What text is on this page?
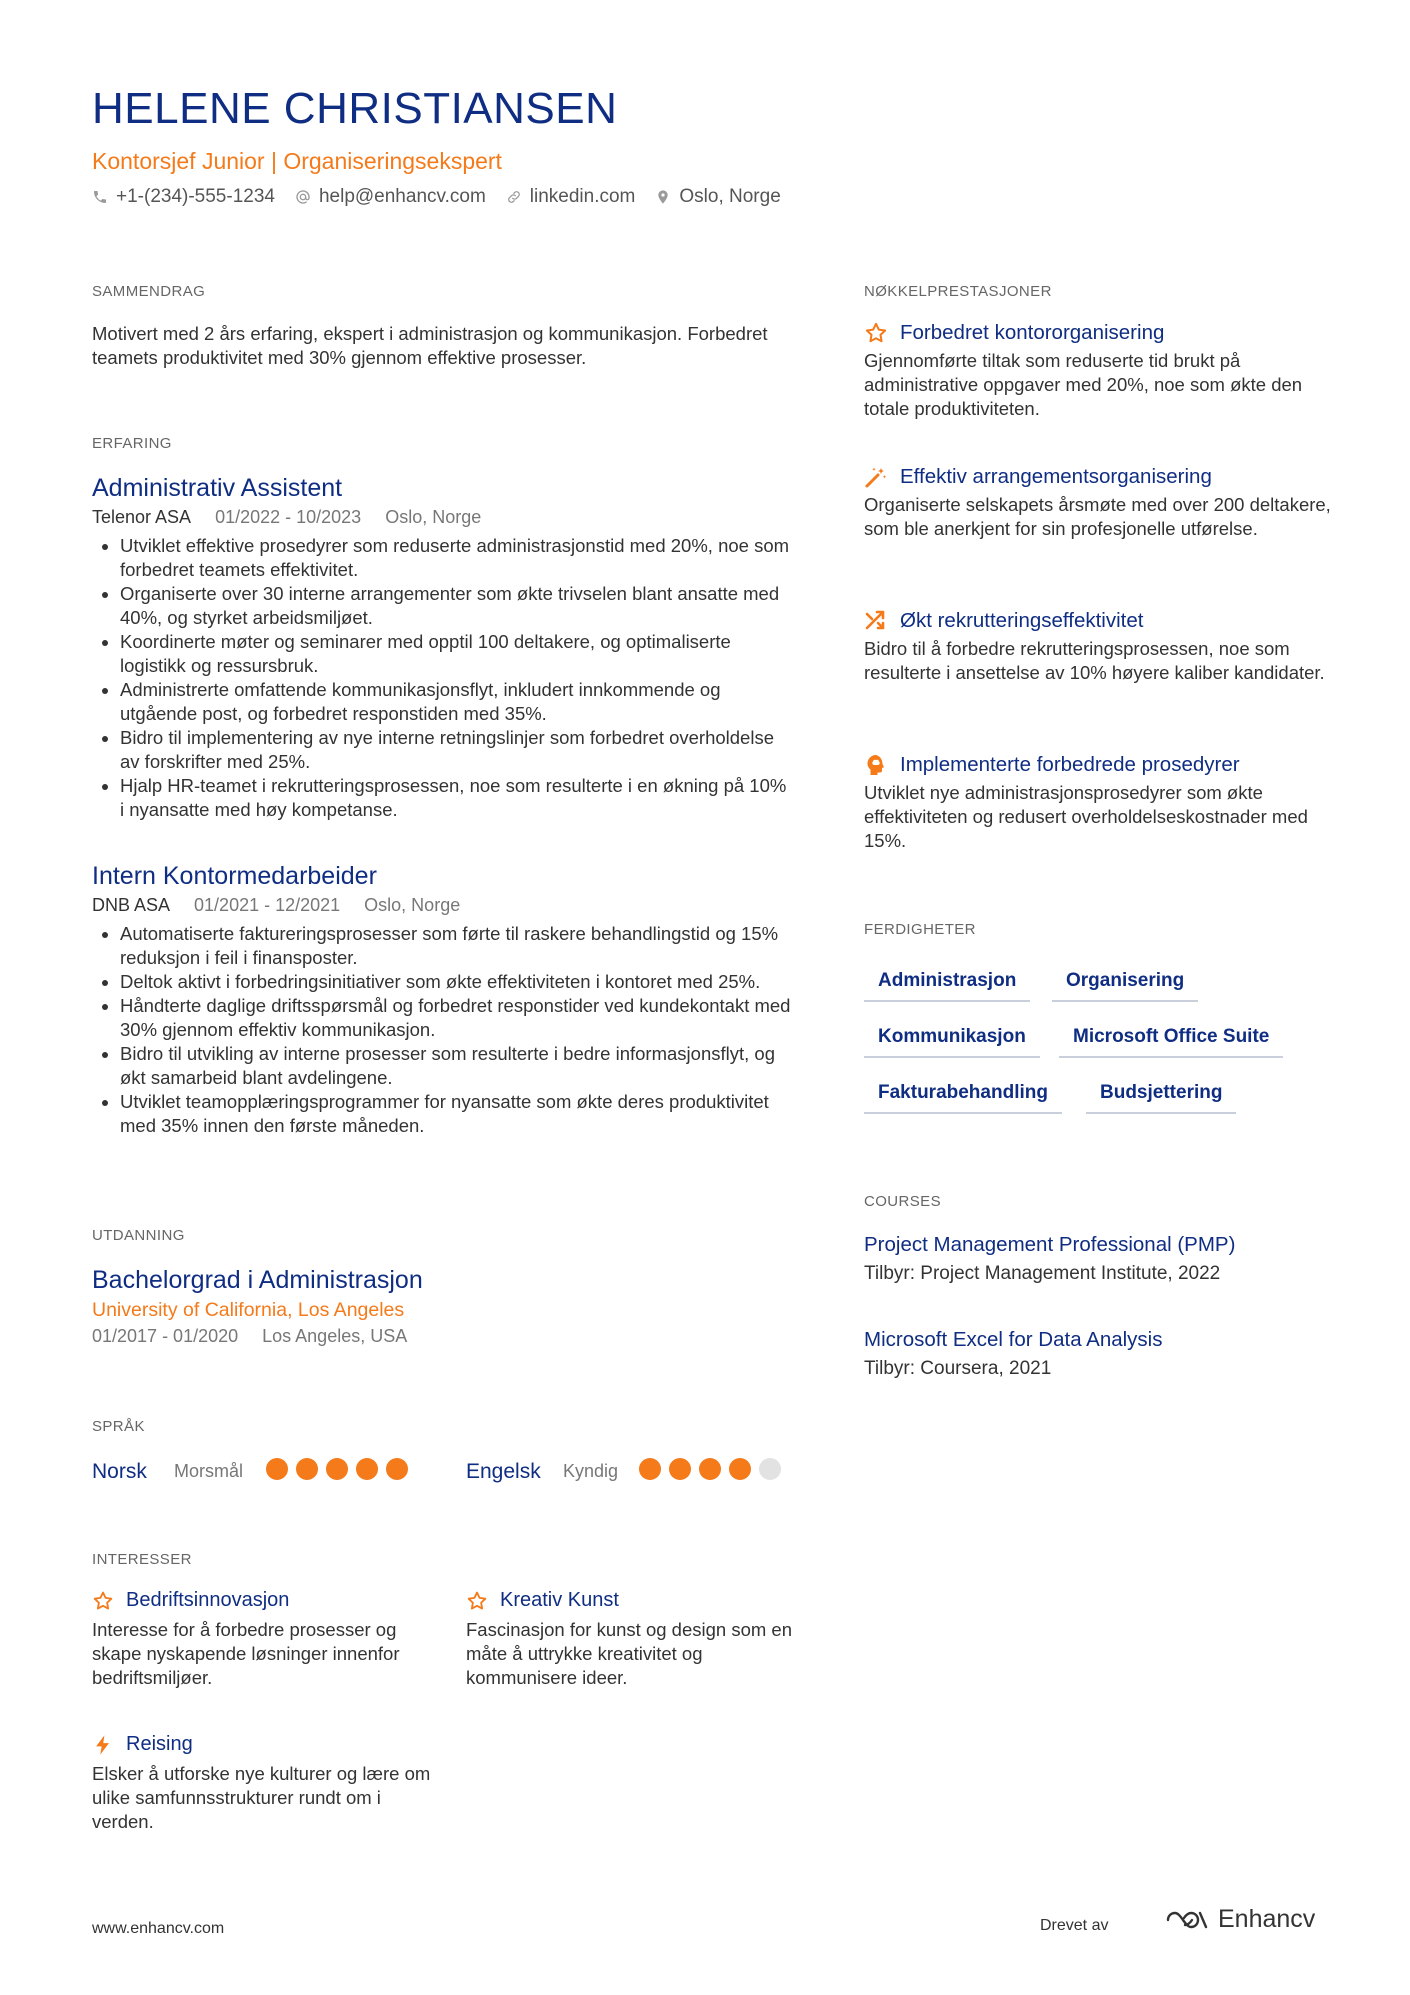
HELENE CHRISTIANSEN
Kontorsjef Junior | Organiseringsekspert
+1-(234)-555-1234 help@enhancv.com linkedin.com Oslo, Norge
SAMMENDRAG
Motivert med 2 års erfaring, ekspert i administrasjon og kommunikasjon. Forbedret teamets produktivitet med 30% gjennom effektive prosesser.
ERFARING
Administrativ Assistent
Telenor ASA 01/2022 - 10/2023 Oslo, Norge
• Utviklet effektive prosedyrer som reduserte administrasjonstid med 20%, noe som forbedret teamets effektivitet.
• Organiserte over 30 interne arrangementer som økte trivselen blant ansatte med 40%, og styrket arbeidsmiljøet.
• Koordinerte møter og seminarer med opptil 100 deltakere, og optimaliserte logistikk og ressursbruk.
• Administrerte omfattende kommunikasjonsflyt, inkludert innkommende og utgående post, og forbedret responstiden med 35%.
• Bidro til implementering av nye interne retningslinjer som forbedret overholdelse av forskrifter med 25%.
• Hjalp HR-teamet i rekrutteringsprosessen, noe som resulterte i en økning på 10% i nyansatte med høy kompetanse.
Intern Kontormedarbeider
DNB ASA 01/2021 - 12/2021 Oslo, Norge
• Automatiserte faktureringsprosesser som førte til raskere behandlingstid og 15% reduksjon i feil i finansposter.
• Deltok aktivt i forbedringsinitiativer som økte effektiviteten i kontoret med 25%.
• Håndterte daglige driftsspørsmål og forbedret responstider ved kundekontakt med 30% gjennom effektiv kommunikasjon.
• Bidro til utvikling av interne prosesser som resulterte i bedre informasjonsflyt, og økt samarbeid blant avdelingene.
• Utviklet teamopplæringsprogrammer for nyansatte som økte deres produktivitet med 35% innen den første måneden.
UTDANNING
Bachelorgrad i Administrasjon
University of California, Los Angeles
01/2017 - 01/2020 Los Angeles, USA
SPRÅK
Norsk	Morsmål	Engelsk	Kyndig
INTERESSER
Bedriftsinnovasjon
Interesse for å forbedre prosesser og skape nyskapende løsninger innenfor bedriftsmiljøer.
Kreativ Kunst
Fascinasjon for kunst og design som en måte å uttrykke kreativitet og kommunisere ideer.
Reising
Elsker å utforske nye kulturer og lære om ulike samfunnsstrukturer rundt om i verden.
NØKKELPRESTASJONER
Forbedret kontororganisering
Gjennomførte tiltak som reduserte tid brukt på administrative oppgaver med 20%, noe som økte den totale produktiviteten.
Effektiv arrangementsorganisering
Organiserte selskapets årsmøte med over 200 deltakere, som ble anerkjent for sin profesjonelle utførelse.
Økt rekrutteringseffektivitet
Bidro til å forbedre rekrutteringsprosessen, noe som resulterte i ansettelse av 10% høyere kaliber kandidater.
Implementerte forbedrede prosedyrer
Utviklet nye administrasjonsprosedyrer som økte effektiviteten og redusert overholdelseskostnader med 15%.
FERDIGHETER
Administrasjon	Organisering
Kommunikasjon	Microsoft Office Suite
Fakturabehandling	Budsjettering
COURSES
Project Management Professional (PMP)
Tilbyr: Project Management Institute, 2022
Microsoft Excel for Data Analysis
Tilbyr: Coursera, 2021
www.enhancv.com	Drevet av	Enhancv
